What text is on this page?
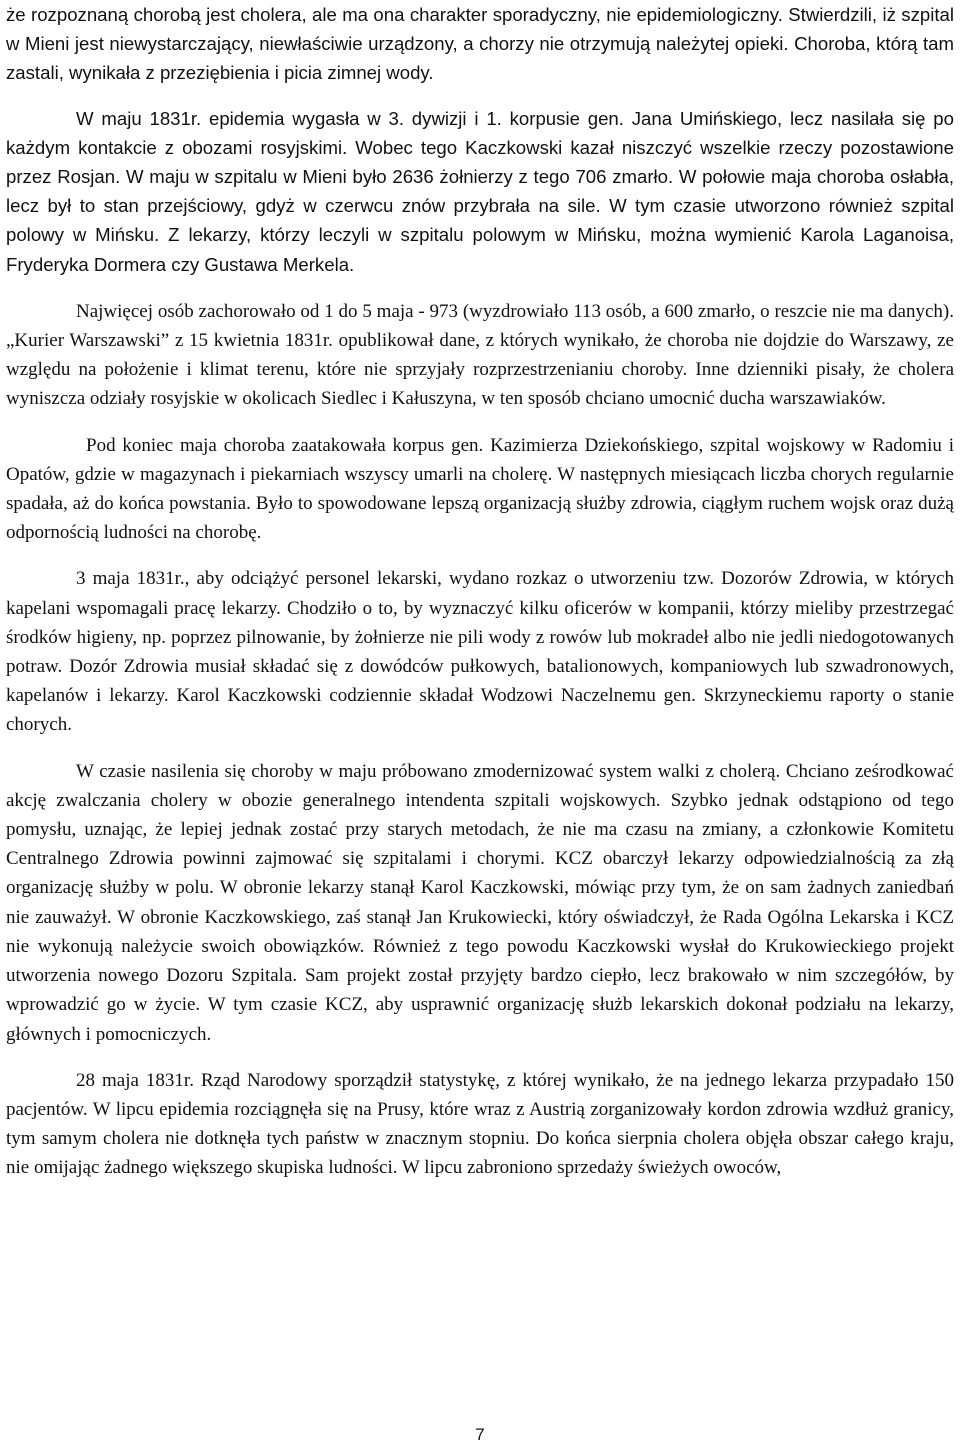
że rozpoznaną chorobą jest cholera, ale ma ona charakter sporadyczny, nie epidemiologiczny. Stwierdzili, iż szpital w Mieni jest niewystarczający, niewłaściwie urządzony, a chorzy nie otrzymują należytej opieki. Choroba, którą tam zastali, wynikała z przeziębienia i picia zimnej wody.

W maju 1831r. epidemia wygasła w 3. dywizji i 1. korpusie gen. Jana Umińskiego, lecz nasilała się po każdym kontakcie z obozami rosyjskimi. Wobec tego Kaczkowski kazał niszczyć wszelkie rzeczy pozostawione przez Rosjan. W maju w szpitalu w Mieni było 2636 żołnierzy z tego 706 zmarło. W połowie maja choroba osłabła, lecz był to stan przejściowy, gdyż w czerwcu znów przybrała na sile. W tym czasie utworzono również szpital polowy w Mińsku. Z lekarzy, którzy leczyli w szpitalu polowym w Mińsku, można wymienić Karola Laganoisa, Fryderyka Dormera czy Gustawa Merkela.

Najwięcej osób zachorowało od 1 do 5 maja - 973 (wyzdrowiało 113 osób, a 600 zmarło, o reszcie nie ma danych). „Kurier Warszawski” z 15 kwietnia 1831r. opublikował dane, z których wynikało, że choroba nie dojdzie do Warszawy, ze względu na położenie i klimat terenu, które nie sprzyjały rozprzestrzenianiu choroby. Inne dzienniki pisały, że cholera wyniszcza odziały rosyjskie w okolicach Siedlec i Kałuszyna, w ten sposób chciano umocnić ducha warszawiaków.

Pod koniec maja choroba zaatakowała korpus gen. Kazimierza Dziekońskiego, szpital wojskowy w Radomiu i Opatów, gdzie w magazynach i piekarniach wszyscy umarli na cholerę. W następnych miesiącach liczba chorych regularnie spadała, aż do końca powstania. Było to spowodowane lepszą organizacją służby zdrowia, ciągłym ruchem wojsk oraz dużą odpornością ludności na chorobę.

3 maja 1831r., aby odciążyć personel lekarski, wydano rozkaz o utworzeniu tzw. Dozorów Zdrowia, w których kapelani wspomagali pracę lekarzy. Chodziło o to, by wyznaczyć kilku oficerów w kompanii, którzy mieliby przestrzegać środków higieny, np. poprzez pilnowanie, by żołnierze nie pili wody z rowów lub mokradeł albo nie jedli niedogotowanych potraw. Dozór Zdrowia musiał składać się z dowódców pułkowych, batalionowych, kompaniowych lub szwadronowych, kapelanów i lekarzy. Karol Kaczkowski codziennie składał Wodzowi Naczelnemu gen. Skrzyneckiemu raporty o stanie chorych.

W czasie nasilenia się choroby w maju próbowano zmodernizować system walki z cholerą. Chciano ześrodkować akcję zwalczania cholery w obozie generalnego intendenta szpitali wojskowych. Szybko jednak odstąpiono od tego pomysłu, uznając, że lepiej jednak zostać przy starych metodach, że nie ma czasu na zmiany, a członkowie Komitetu Centralnego Zdrowia powinni zajmować się szpitalami i chorymi. KCZ obarczył lekarzy odpowiedzialnością za złą organizację służby w polu. W obronie lekarzy stanął Karol Kaczkowski, mówiąc przy tym, że on sam żadnych zaniedbań nie zauważył. W obronie Kaczkowskiego, zaś stanął Jan Krukowiecki, który oświadczył, że Rada Ogólna Lekarska i KCZ nie wykonują należycie swoich obowiązków. Również z tego powodu Kaczkowski wysłał do Krukowieckiego projekt utworzenia nowego Dozoru Szpitala. Sam projekt został przyjęty bardzo ciepło, lecz brakowało w nim szczegółów, by wprowadzić go w życie. W tym czasie KCZ, aby usprawnić organizację służb lekarskich dokonał podziału na lekarzy, głównych i pomocniczych.

28 maja 1831r. Rząd Narodowy sporządził statystykę, z której wynikało, że na jednego lekarza przypadało 150 pacjentów. W lipcu epidemia rozciągnęła się na Prusy, które wraz z Austrią zorganizowały kordon zdrowia wzdłuż granicy, tym samym cholera nie dotknęła tych państw w znacznym stopniu. Do końca sierpnia cholera objęła obszar całego kraju, nie omijając żadnego większego skupiska ludności. W lipcu zabroniono sprzedaży świeżych owoców,

7
